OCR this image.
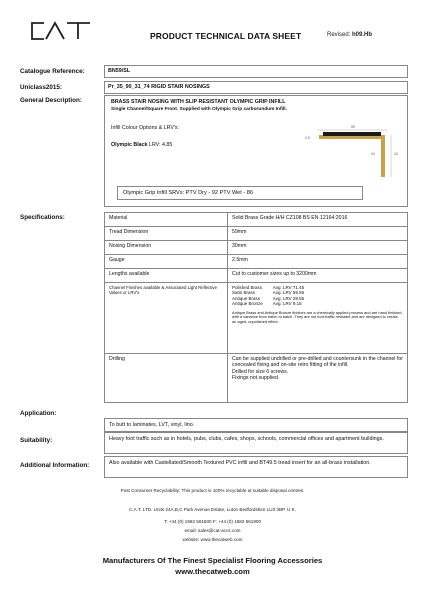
PRODUCT TECHNICAL DATA SHEET	Revised: h09.Hb
Catalogue Reference:	BN59/SL
Uniclass2015:	Pr_35_90_31_74 RIGID STAIR NOSINGS
General Description:	BRASS STAIR NOSING WITH SLIP RESISTANT OLYMPIC GRIP INFILL
Single Channel/Square Front. Supplied with Olympic Grip carborundum Infill.
Infill Colour Options & LRV's:
Olympic Black LRV: 4.85
59
2.5
24	10
Olympic Grip Infill SRVs: PTV Dry - 92 PTV Wet - 86
Specifications:	Material	Solid Brass Grade H/H CZ108 BS EN 12164:2016
Tread Dimension	59mm
Nosing Dimension	30mm
Gauge	2.5mm
Lengths available	Cut to customer sizes up to 3200mm

Channel Finishes available & Associated Light Reflective Values or LRV's

Polished Brass	Avg. LRV 71.45
Satin Brass	Avg. LRV 59.55
Antique Brass	Avg. LRV 29.55
Antique Bronze	Avg. LRV 9.15
Antique Brass and Antique Bronze finishes are a chemically applied process and are hand finished with a variance from batch to batch. They are not foot-traffic resistant and are designed to create an aged, unpolished effect.

Drilling	Can be supplied undrilled or pre-drilled and countersunk in the channel for concealed fixing and on-site retro fitting of the infill.
Drilled for size 6 screws.
Fixings not supplied.
Application:
To butt to laminates, LVT, vinyl, lino.
Suitability:	Heavy foot traffic such as in hotels, pubs, clubs, cafes, shops, schools, commercial offices and apartment buildings.
Additional Information:	Also available with Castellated/Smooth Textured PVC infill and BT49.5 tread insert for an all-brass installation.
Post Consumer Recyclability: This product is 100% recyclable at suitable disposal centres.
C.A.T. LTD. Units 24A,B,C Park Avenue Estate, Luton Bedfordshire LU3 3BP. U.K.
T: +44 (0) 1582 561500 F: +44 (0) 1582 561900
email: sales@cat-accs.com
website: www.thecatweb.com
Manufacturers Of The Finest Specialist Flooring Accessories
www.thecatweb.com
